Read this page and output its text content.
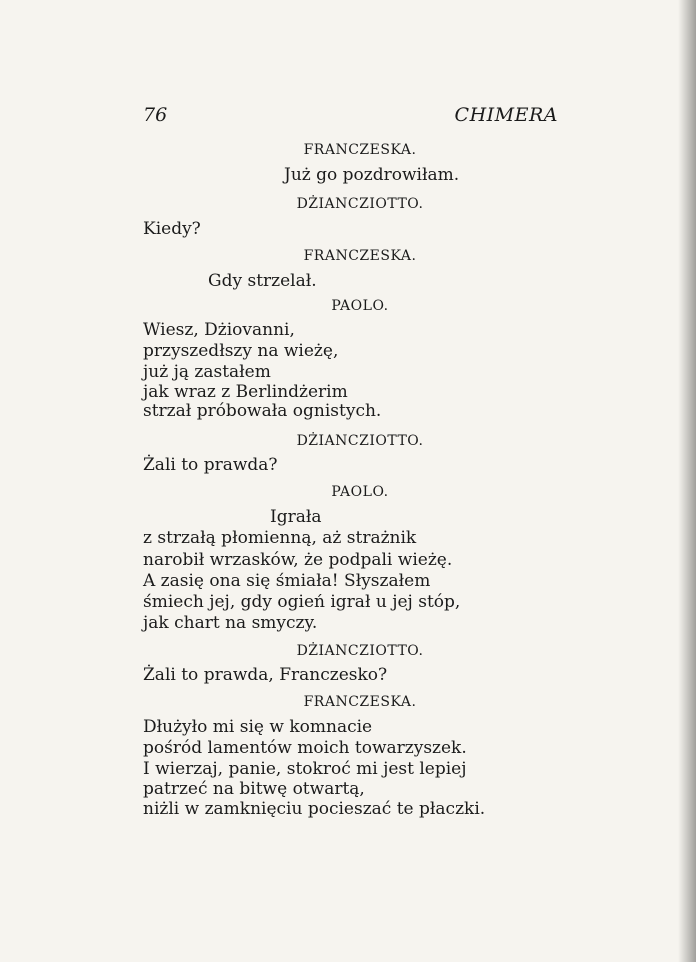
76	CHIMERA
FRANCZESKA.
Już go pozdrowiłam.
DŻIANCZIOTTO.
Kiedy?
FRANCZESKA.
Gdy strzelał.
PAOLO.
Wiesz, Dżiovanni,
przyszedłszy na wieżę,
już ją zastałem
jak wraz z Berlindżerim
strzał próbowała ognistych.
DŻIANCZIOTTO.
Żali to prawda?
PAOLO.
Igrała
z strzałą płomienną, aż strażnik
narobił wrzasków, że podpali wieżę.
A zasię ona się śmiała! Słyszałem
śmiech jej, gdy ogień igrał u jej stóp,
jak chart na smyczy.
DŻIANCZIOTTO.
Żali to prawda, Franczesko?
FRANCZESKA.
Dłużyło mi się w komnacie
pośród lamentów moich towarzyszek.
I wierzaj, panie, stokroć mi jest lepiej
patrzeć na bitwę otwartą,
niżli w zamknięciu pocieszać te płaczki.
